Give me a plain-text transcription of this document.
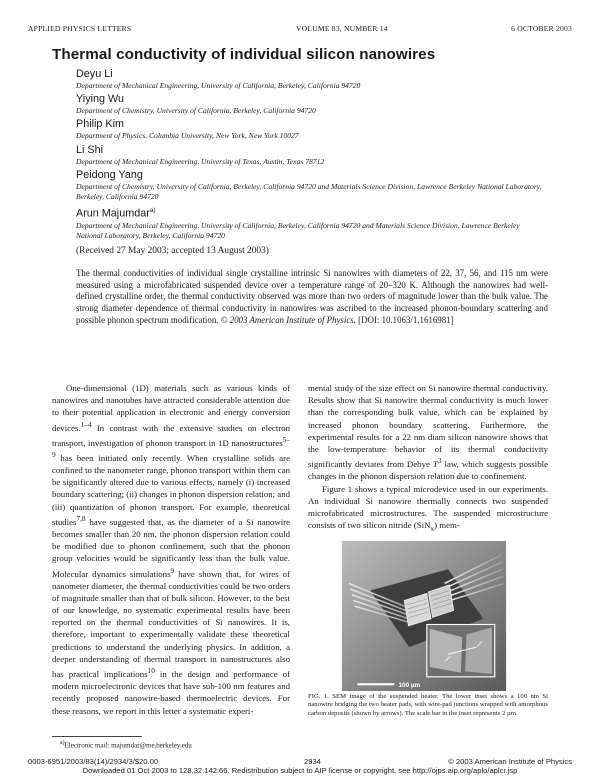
APPLIED PHYSICS LETTERS	VOLUME 83, NUMBER 14	6 OCTOBER 2003
Thermal conductivity of individual silicon nanowires
Deyu Li
Department of Mechanical Engineering, University of California, Berkeley, California 94720
Yiying Wu
Department of Chemistry, University of California, Berkeley, California 94720
Philip Kim
Department of Physics, Columbia University, New York, New York 10027
Li Shi
Department of Mechanical Engineering, University of Texas, Austin, Texas 78712
Peidong Yang
Department of Chemistry, University of California, Berkeley, California 94720 and Materials Science Division, Lawrence Berkeley National Laboratory, Berkeley, California 94720
Arun Majumdar$^{a)}$
Department of Mechanical Engineering, University of California, Berkeley, California 94720 and Materials Science Division, Lawrence Berkeley National Laboratory, Berkeley, California 94720
(Received 27 May 2003; accepted 13 August 2003)
The thermal conductivities of individual single crystalline intrinsic Si nanowires with diameters of 22, 37, 56, and 115 nm were measured using a microfabricated suspended device over a temperature range of 20–320 K. Although the nanowires had well-defined crystalline order, the thermal conductivity observed was more than two orders of magnitude lower than the bulk value. The strong diameter dependence of thermal conductivity in nanowires was ascribed to the increased phonon-boundary scattering and possible phonon spectrum modification. © 2003 American Institute of Physics. [DOI: 10.1063/1.1616981]

One-dimensional (1D) materials such as various kinds of nanowires and nanotubes have attracted considerable attention due to their potential application in electronic and energy conversion devices.$^{1-4}$ In contrast with the extensive studies on electron transport, investigation of phonon transport in 1D nanostructures$^{5-9}$ has been initiated only recently. When crystalline solids are confined to the nanometer range, phonon transport within them can be significantly altered due to various effects, namely (i) increased boundary scattering; (ii) changes in phonon dispersion relation; and (iii) quantization of phonon transport. For example, theoretical studies$^{7,8}$ have suggested that, as the diameter of a Si nanowire becomes smaller than 20 nm, the phonon dispersion relation could be modified due to phonon confinement, such that the phonon group velocities would be significantly less than the bulk value. Molecular dynamics simulations$^9$ have shown that, for wires of nanometer diameter, the thermal conductivities could be two orders of magnitude smaller than that of bulk silicon. However, to the best of our knowledge, no systematic experimental results have been reported on the thermal conductivities of Si nanowires. It is, therefore, important to experimentally validate these theoretical predictions to understand the underlying physics. In addition, a deeper understanding of thermal transport in nanostructures also has practical implications$^{10}$ in the design and performance of modern microelectronic devices that have sub-100 nm features and recently proposed nanowire-based thermoelectric devices. For these reasons, we report in this letter a systematic experi-

mental study of the size effect on Si nanowire thermal conductivity. Results show that Si nanowire thermal conductivity is much lower than the corresponding bulk value, which can be explained by increased phonon boundary scattering. Furthermore, the experimental results for a 22 nm diam silicon nanowire shows that the low-temperature behavior of its thermal conductivity significantly deviates from Debye $T^3$ law, which suggests possible changes in the phonon dispersion relation due to confinement.

Figure 1 shows a typical microdevice used in our experiments. An individual Si nanowire thermally connects two suspended microfabricated microstructures. The suspended microstructure consists of two silicon nitride (SiN$_x$) mem-

100 µm
FIG. 1. SEM image of the suspended heater. The lower inset shows a 100 nm Si nanowire bridging the two heater pads, with wire-pad junctions wrapped with amorphous carbon deposits (shown by arrows). The scale bar in the inset represents 2 µm.
$^{a)}$Electronic mail: majumdar@me.berkeley.edu
0003-6951/2003/83(14)/2934/3/$20.00	2934	© 2003 American Institute of Physics
Downloaded 01 Oct 2003 to 128.32.142.66. Redistribution subject to AIP license or copyright, see http://ojps.aip.org/aplo/aplcr.jsp
